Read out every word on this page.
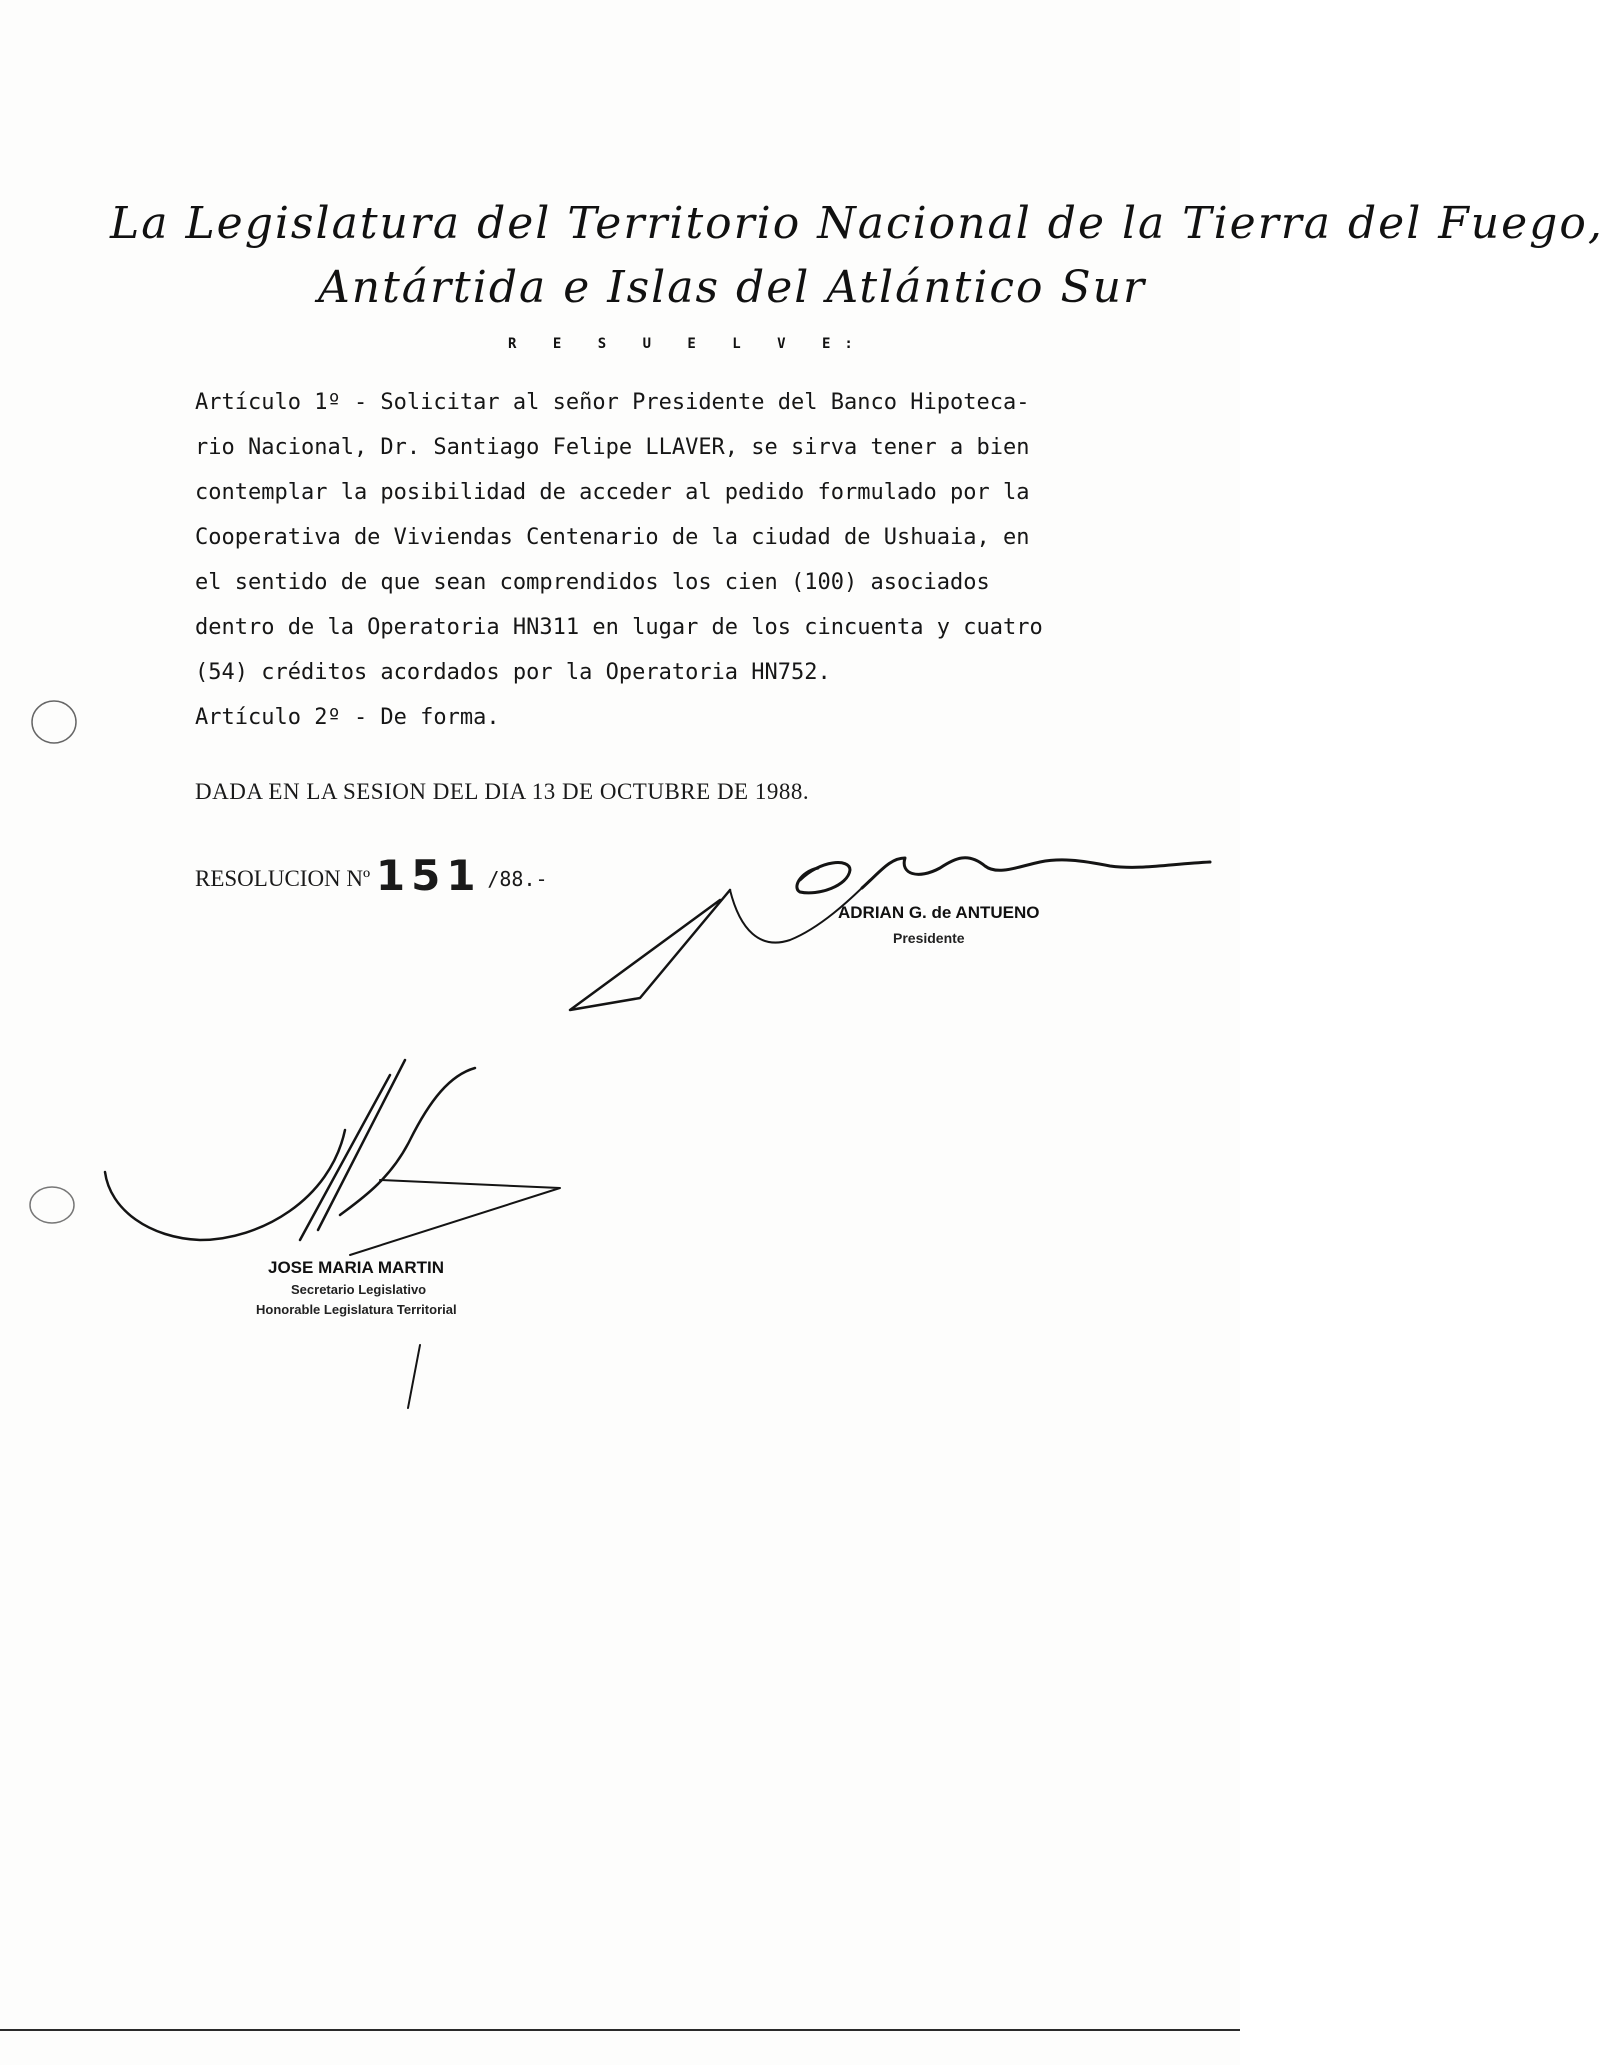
La Legislatura del Territorio Nacional de la Tierra del Fuego,
Antártida e Islas del Atlántico Sur
R E S U E L V E:
Artículo 1º - Solicitar al señor Presidente del Banco Hipoteca-
rio Nacional, Dr. Santiago Felipe LLAVER, se sirva tener a bien
contemplar la posibilidad de acceder al pedido formulado por la
Cooperativa de Viviendas Centenario de la ciudad de Ushuaia, en
el sentido de que sean comprendidos los cien (100) asociados
dentro de la Operatoria HN311 en lugar de los cincuenta y cuatro
(54) créditos acordados por la Operatoria HN752.
Artículo 2º - De forma.
DADA EN LA SESION DEL DIA 13 DE OCTUBRE DE 1988.
RESOLUCION Nº 151 /88.-
ADRIAN G. de ANTUENO
Presidente
JOSE MARIA MARTIN
Secretario Legislativo
Honorable Legislatura Territorial
